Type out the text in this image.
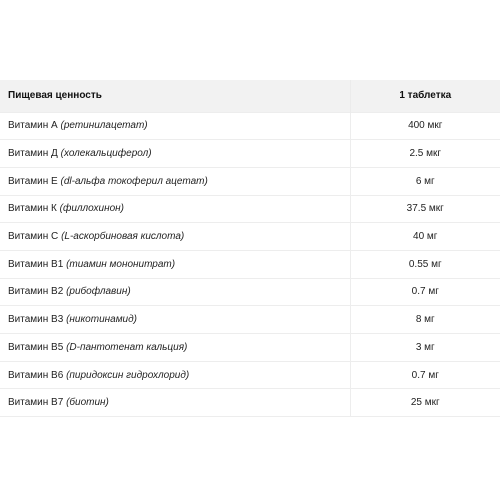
Пищевая ценность	1 таблетка
Витамин А (ретинилацетат)	400 мкг
Витамин Д (холекальциферол)	2.5 мкг
Витамин Е (dl-альфа токоферил ацетат)	6 мг
Витамин К (филлохинон)	37.5 мкг
Витамин С (L-аскорбиновая кислота)	40 мг
Витамин В1 (тиамин мононитрат)	0.55 мг
Витамин В2 (рибофлавин)	0.7 мг
Витамин В3 (никотинамид)	8 мг
Витамин В5 (D-пантотенат кальция)	3 мг
Витамин В6 (пиридоксин гидрохлорид)	0.7 мг
Витамин В7 (биотин)	25 мкг
